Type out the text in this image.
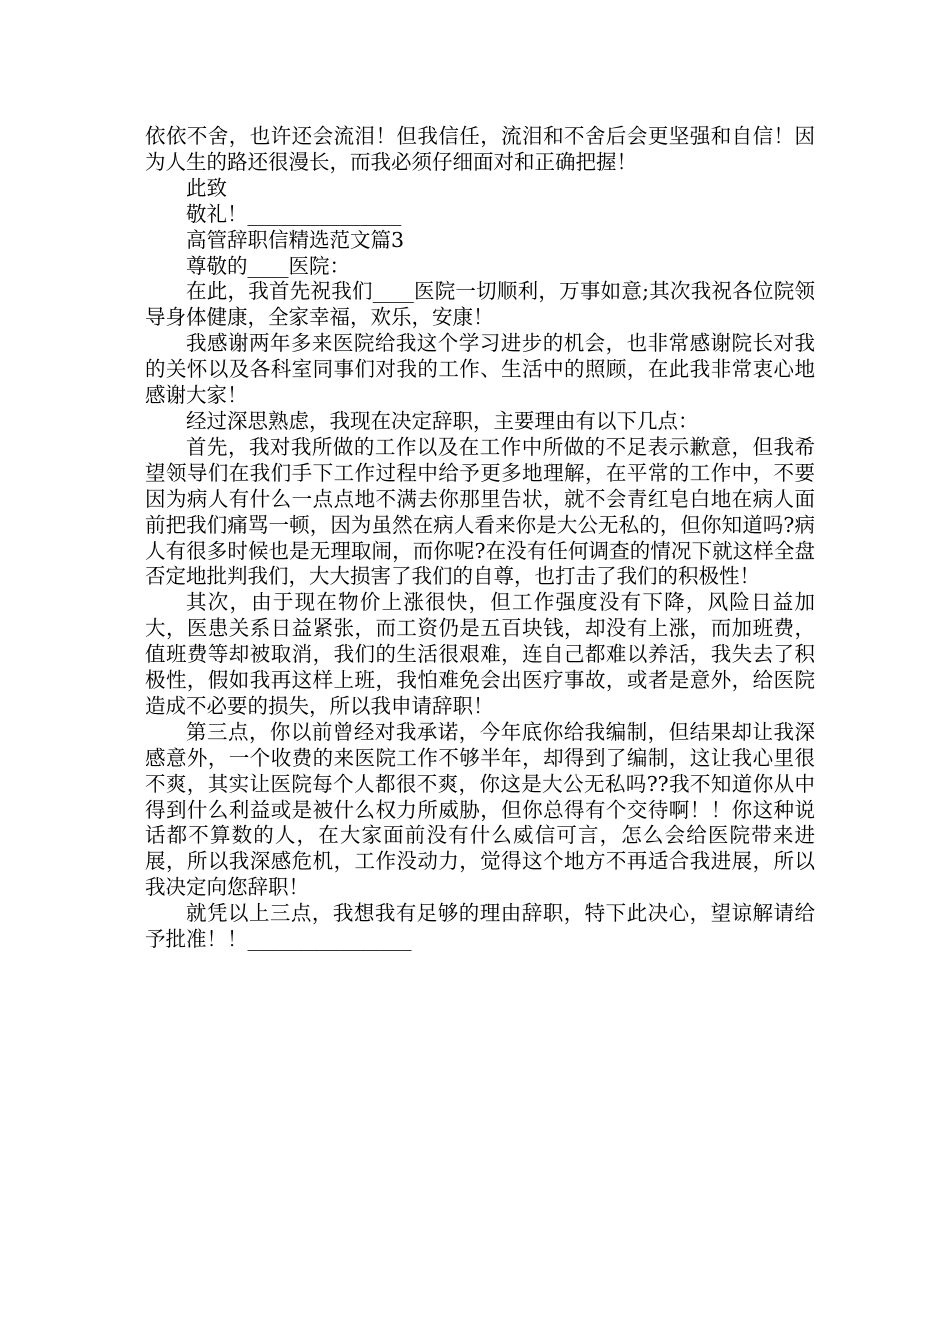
依依不舍，也许还会流泪！但我信任，流泪和不舍后会更坚强和自信！因为人生的路还很漫长，而我必须仔细面对和正确把握！

此致

敬礼！_______________

高管辞职信精选范文篇3

尊敬的____医院：

在此，我首先祝我们____医院一切顺利，万事如意;其次我祝各位院领导身体健康，全家幸福，欢乐，安康！

我感谢两年多来医院给我这个学习进步的机会，也非常感谢院长对我的关怀以及各科室同事们对我的工作、生活中的照顾，在此我非常衷心地感谢大家！

经过深思熟虑，我现在决定辞职，主要理由有以下几点：

首先，我对我所做的工作以及在工作中所做的不足表示歉意，但我希望领导们在我们手下工作过程中给予更多地理解，在平常的工作中，不要因为病人有什么一点点地不满去你那里告状，就不会青红皂白地在病人面前把我们痛骂一顿，因为虽然在病人看来你是大公无私的，但你知道吗?病人有很多时候也是无理取闹，而你呢?在没有任何调查的情况下就这样全盘否定地批判我们，大大损害了我们的自尊，也打击了我们的积极性！

其次，由于现在物价上涨很快，但工作强度没有下降，风险日益加大，医患关系日益紧张，而工资仍是五百块钱，却没有上涨，而加班费，值班费等却被取消，我们的生活很艰难，连自己都难以养活，我失去了积极性，假如我再这样上班，我怕难免会出医疗事故，或者是意外，给医院造成不必要的损失，所以我申请辞职！

第三点，你以前曾经对我承诺，今年底你给我编制，但结果却让我深感意外，一个收费的来医院工作不够半年，却得到了编制，这让我心里很不爽，其实让医院每个人都很不爽，你这是大公无私吗??我不知道你从中得到什么利益或是被什么权力所威胁，但你总得有个交待啊！！你这种说话都不算数的人，在大家面前没有什么威信可言，怎么会给医院带来进展，所以我深感危机，工作没动力，觉得这个地方不再适合我进展，所以我决定向您辞职！

就凭以上三点，我想我有足够的理由辞职，特下此决心，望谅解请给予批准！！________________
